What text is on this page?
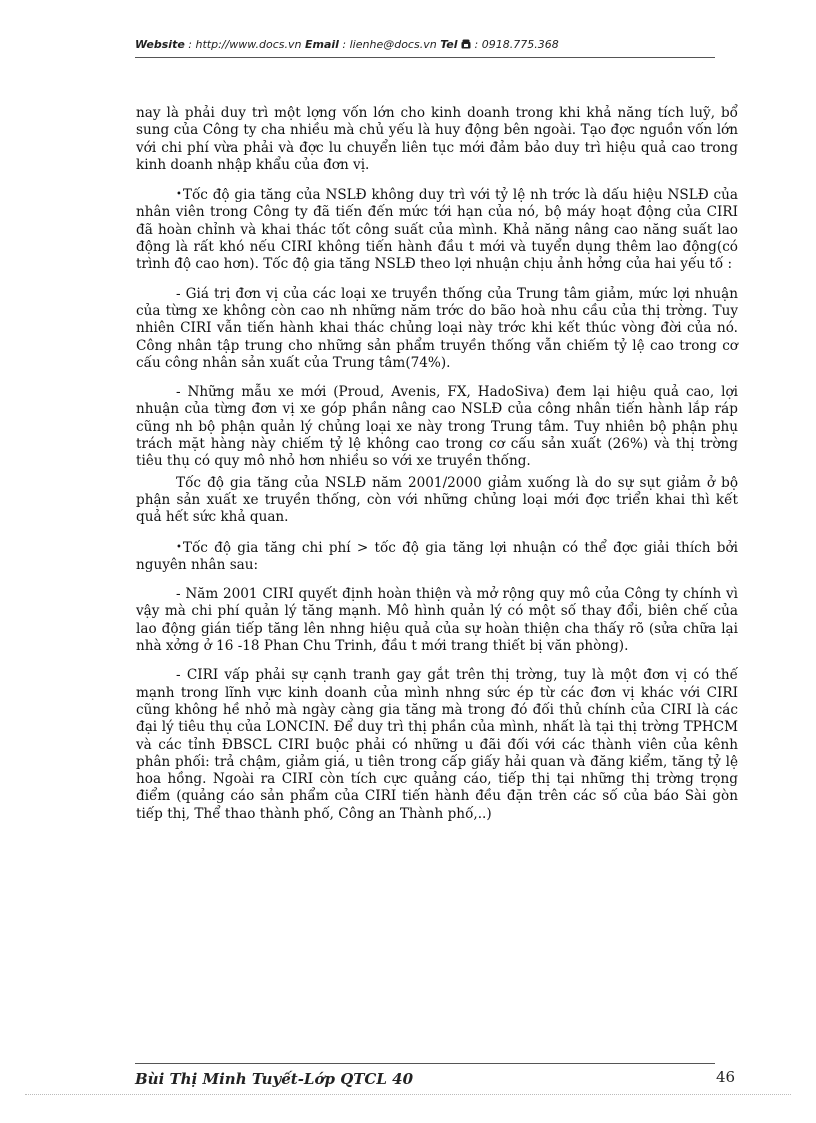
Website : http://www.docs.vn Email : lienhe@docs.vn Tel  : 0918.775.368

nay là phải duy trì một lợng vốn lớn cho kinh doanh trong khi khả năng tích luỹ, bổ sung của Công ty cha nhiều mà chủ yếu là huy động bên ngoài. Tạo đợc nguồn vốn lớn với chi phí vừa phải và đợc lu chuyển liên tục mới đảm bảo duy trì hiệu quả cao trong kinh doanh nhập khẩu của đơn vị.

•Tốc độ gia tăng của NSLĐ không duy trì với tỷ lệ nh trớc là dấu hiệu NSLĐ của nhân viên trong Công ty đã tiến đến mức tới hạn của nó, bộ máy hoạt động của CIRI đã hoàn chỉnh và khai thác tốt công suất của mình. Khả năng nâng cao năng suất lao động là rất khó nếu CIRI không tiến hành đầu t mới và tuyển dụng thêm lao động(có trình độ cao hơn). Tốc độ gia tăng NSLĐ theo lợi nhuận chịu ảnh hởng của hai yếu tố :

- Giá trị đơn vị của các loại xe truyền thống của Trung tâm giảm, mức lợi nhuận của từng xe không còn cao nh những năm trớc do bão hoà nhu cầu của thị trờng. Tuy nhiên CIRI vẫn tiến hành khai thác chủng loại này trớc khi kết thúc vòng đời của nó. Công nhân tập trung cho những sản phẩm truyền thống vẫn chiếm tỷ lệ cao trong cơ cấu công nhân sản xuất của Trung tâm(74%).

- Những mẫu xe mới (Proud, Avenis, FX, HadoSiva) đem lại hiệu quả cao, lợi nhuận của từng đơn vị xe góp phần nâng cao NSLĐ của công nhân tiến hành lắp ráp cũng nh bộ phận quản lý chủng loại xe này trong Trung tâm. Tuy nhiên bộ phận phụ trách mặt hàng này chiếm tỷ lệ không cao trong cơ cấu sản xuất (26%) và thị trờng tiêu thụ có quy mô nhỏ hơn nhiều so với xe truyền thống.

Tốc độ gia tăng của NSLĐ năm 2001/2000 giảm xuống là do sự sụt giảm ở bộ phận sản xuất xe truyền thống, còn với những chủng loại mới đợc triển khai thì kết quả hết sức khả quan.

•Tốc độ gia tăng chi phí > tốc độ gia tăng lợi nhuận có thể đợc giải thích bởi nguyên nhân sau:

- Năm 2001 CIRI quyết định hoàn thiện và mở rộng quy mô của Công ty chính vì vậy mà chi phí quản lý tăng mạnh. Mô hình quản lý có một số thay đổi, biên chế của lao động gián tiếp tăng lên nhng hiệu quả của sự hoàn thiện cha thấy rõ (sửa chữa lại nhà xởng ở 16 -18 Phan Chu Trinh, đầu t mới trang thiết bị văn phòng).

- CIRI vấp phải sự cạnh tranh gay gắt trên thị trờng, tuy là một đơn vị có thế mạnh trong lĩnh vực kinh doanh của mình nhng sức ép từ các đơn vị khác với CIRI cũng không hề nhỏ mà ngày càng gia tăng mà trong đó đối thủ chính của CIRI là các đại lý tiêu thụ của LONCIN. Để duy trì thị phần của mình, nhất là tại thị trờng TPHCM và các tỉnh ĐBSCL CIRI buộc phải có những u đãi đối với các thành viên của kênh phân phối: trả chậm, giảm giá, u tiên trong cấp giấy hải quan và đăng kiểm, tăng tỷ lệ hoa hồng. Ngoài ra CIRI còn tích cực quảng cáo, tiếp thị tại những thị trờng trọng điểm (quảng cáo sản phẩm của CIRI tiến hành đều đặn trên các số của báo Sài gòn tiếp thị, Thể thao thành phố, Công an Thành phố,..)

Bùi Thị Minh Tuyết-Lớp QTCL 40	46
